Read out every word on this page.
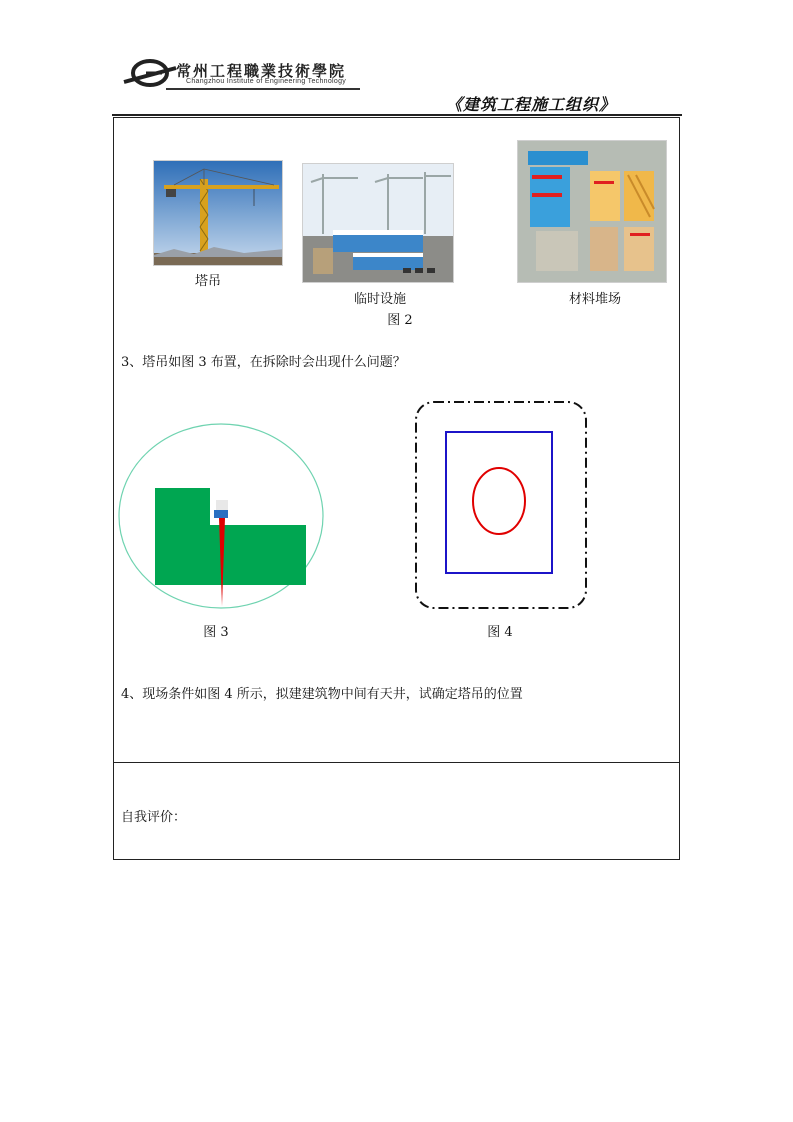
常州工程職業技術學院
Changzhou Institute of Engineering Technology
《建筑工程施工组织》
塔吊
临时设施	材料堆场
图 2
3、塔吊如图 3 布置，在拆除时会出现什么问题？
图 3	图 4
4、现场条件如图 4 所示，拟建建筑物中间有天井，试确定塔吊的位置
自我评价：
